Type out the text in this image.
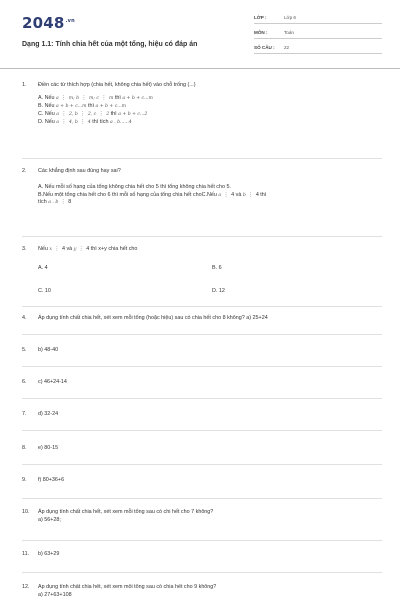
$2048^{.vn}$
Dạng 1.1: Tính chia hết của một tổng, hiệu có đáp án
LỚP :	Lớp 6
MÔN :	Toán
SỐ CÂU : 22
1. Điền các từ thích hợp (chia hết, không chia hết) vào chỗ trống (...)
A. Nếu a ⋮ m; b ⋮ m; c ⋮ m thì a + b + c...m
B. Nếu a + b + c...m thì a + b + c...m
C. Nếu a ⋮ 2, b ⋮ 2, c ⋮ 2 thì a + b + c...2
D. Nếu a ⋮ 4, b ⋮ 4 thì tích a . b......4
2. Các khẳng định sau đúng hay sai?
A. Nếu mỗi số hạng của tổng không chia hết cho 5 thì tổng không chia hết cho 5.
B.Nếu một tổng chia hết cho 6 thì mỗi số hạng của tổng chia hết choC.Nếu a ⋮ 4 và b ⋮ 4 thì
tích a . b ⋮ 8
3. Nếu x ⋮ 4 và y ⋮ 4 thì x+y chia hết cho
A. 4	B. 6
C. 10	D. 12
4. Áp dụng tính chất chia hết, xét xem mỗi tổng (hoặc hiệu) sau có chia hết cho 8 không? a) 25+24
5. b) 48-40
6. c) 46+24-14
7. d) 32-24
8. e) 80-15
9. f) 80+36+6
10. Áp dụng tính chất chia hết, xét xem mỗi tổng sau có chi hết cho 7 không?
a) 56+28;
11. b) 63+29
12. Áp dụng tính chất chia hết, xét xem mỗi tổng sau có chia hết cho 9 không?
a) 27+63+108
